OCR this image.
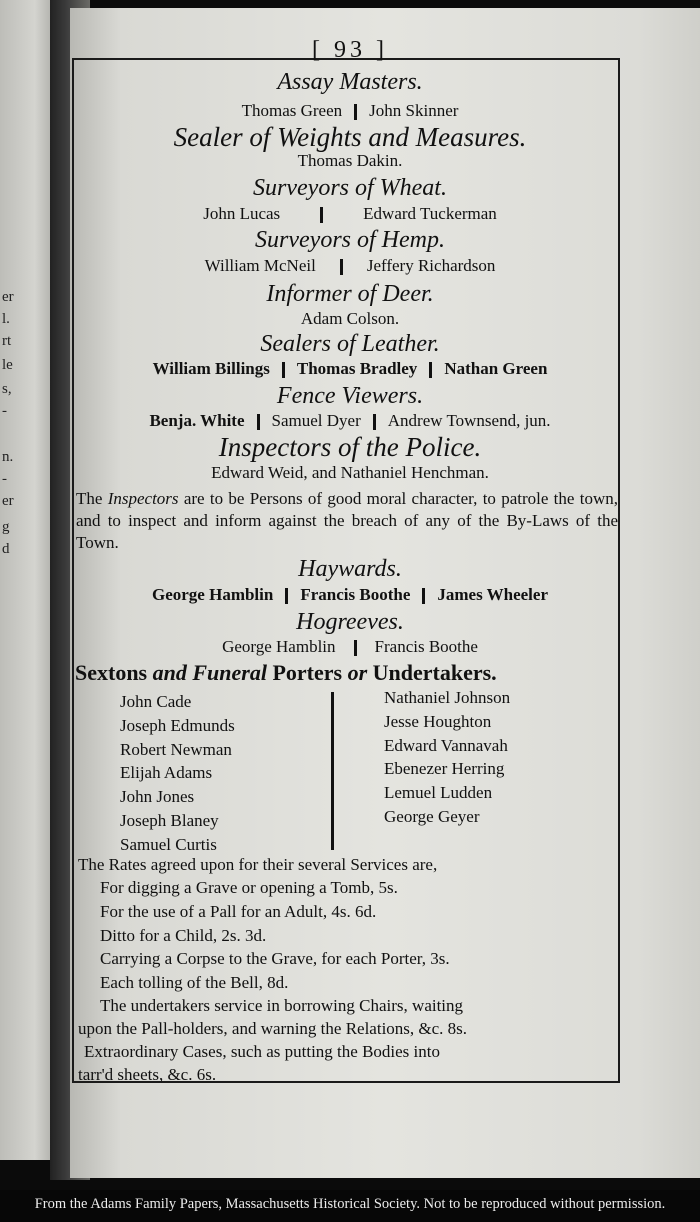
er
l.
rt
le
s,
-
n.
-
er
g
d
[ 93 ]
Assay Masters.
Thomas Green John Skinner
Sealer of Weights and Measures.
Thomas Dakin.
Surveyors of Wheat.
John Lucas	Edward Tuckerman
Surveyors of Hemp.
William McNeil	Jeffery Richardson
Informer of Deer.
Adam Colson.
Sealers of Leather.
William Billings Thomas Bradley Nathan Green
Fence Viewers.
Benja. White Samuel Dyer Andrew Townsend, jun.
Inspectors of the Police.
Edward Weid, and Nathaniel Henchman.
The Inspectors are to be Persons of good moral character, to patrole the town, and to inspect and inform against the breach of any of the By-Laws of the Town.
Haywards.
George Hamblin Francis Boothe James Wheeler
Hogreeves.
George Hamblin Francis Boothe
Sextons and Funeral Porters or Undertakers.
John Cade
Joseph Edmunds
Robert Newman
Elijah Adams
John Jones
Joseph Blaney
Samuel Curtis
Nathaniel Johnson
Jesse Houghton
Edward Vannavah
Ebenezer Herring
Lemuel Ludden
George Geyer
The Rates agreed upon for their several Services are,
For digging a Grave or opening a Tomb, 5s.
For the use of a Pall for an Adult, 4s. 6d.
Ditto for a Child, 2s. 3d.
Carrying a Corpse to the Grave, for each Porter, 3s.
Each tolling of the Bell, 8d.
The undertakers service in borrowing Chairs, waiting
upon the Pall-holders, and warning the Relations, &c. 8s.
Extraordinary Cases, such as putting the Bodies into
tarr'd sheets, &c. 6s.
From the Adams Family Papers, Massachusetts Historical Society. Not to be reproduced without permission.
